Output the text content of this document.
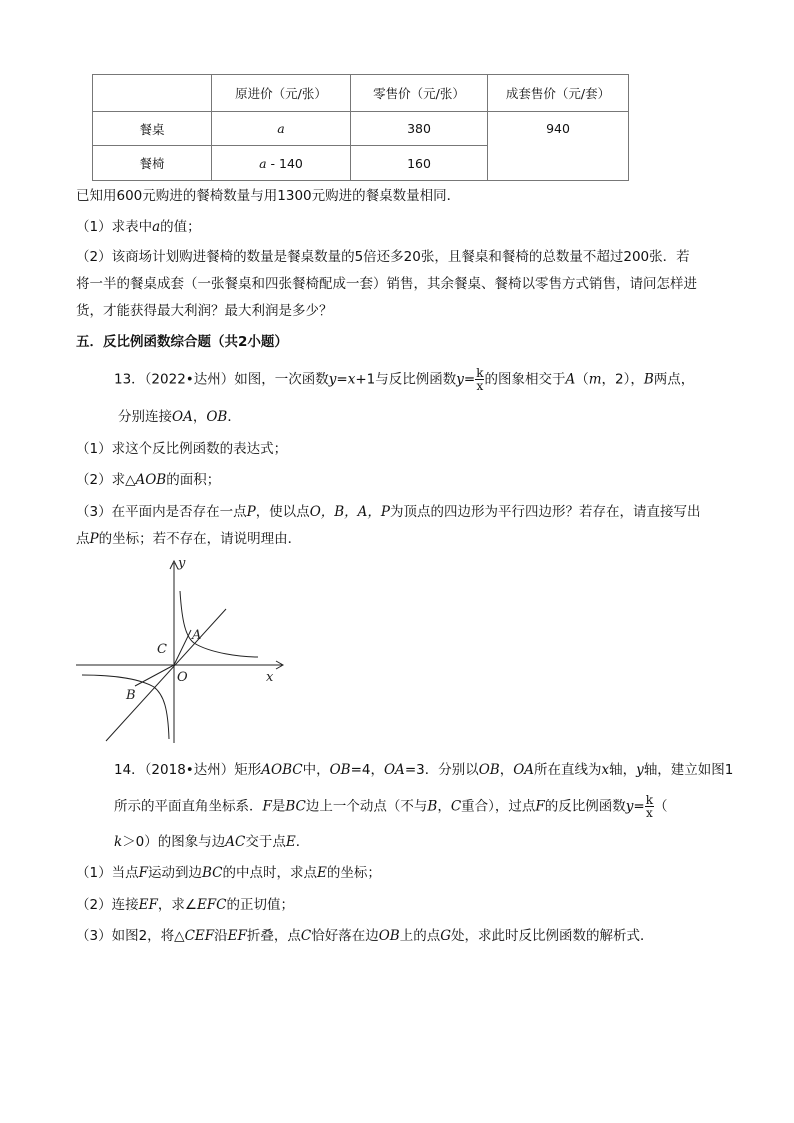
	原进价（元/张）	零售价（元/张）	成套售价（元/套）
餐桌	a	380	940
餐椅	a - 140	160	
已知用600元购进的餐椅数量与用1300元购进的餐桌数量相同．
（1）求表中a的值；
（2）该商场计划购进餐椅的数量是餐桌数量的5倍还多20张，且餐桌和餐椅的总数量不超过200张．若
将一半的餐桌成套（一张餐桌和四张餐椅配成一套）销售，其余餐桌、餐椅以零售方式销售，请问怎样进
货，才能获得最大利润？最大利润是多少？
五．反比例函数综合题（共2小题）
13．（2022•达州）如图，一次函数y=x+1与反比例函数$y= \frac{k}{x}$ 的图象相交于A（m，2），B两点，
分别连接OA，OB．
（1）求这个反比例函数的表达式；
（2）求△AOB的面积；
（3）在平面内是否存在一点P，使以点O，B，A，P为顶点的四边形为平行四边形？若存在，请直接写出
点P的坐标；若不存在，请说明理由．
y
x
O
A
B
C
14．（2018•达州）矩形AOBC中，OB=4，OA=3．分别以OB，OA所在直线为x轴，y轴，建立如图1
所示的平面直角坐标系．F是BC边上一个动点（不与B，C重合），过点F的反比例函数$y= \frac{k}{x}$ （
k＞0）的图象与边AC交于点E．
（1）当点F运动到边BC的中点时，求点E的坐标；
（2）连接EF，求∠EFC的正切值；
（3）如图2，将△CEF沿EF折叠，点C恰好落在边OB上的点G处，求此时反比例函数的解析式．
